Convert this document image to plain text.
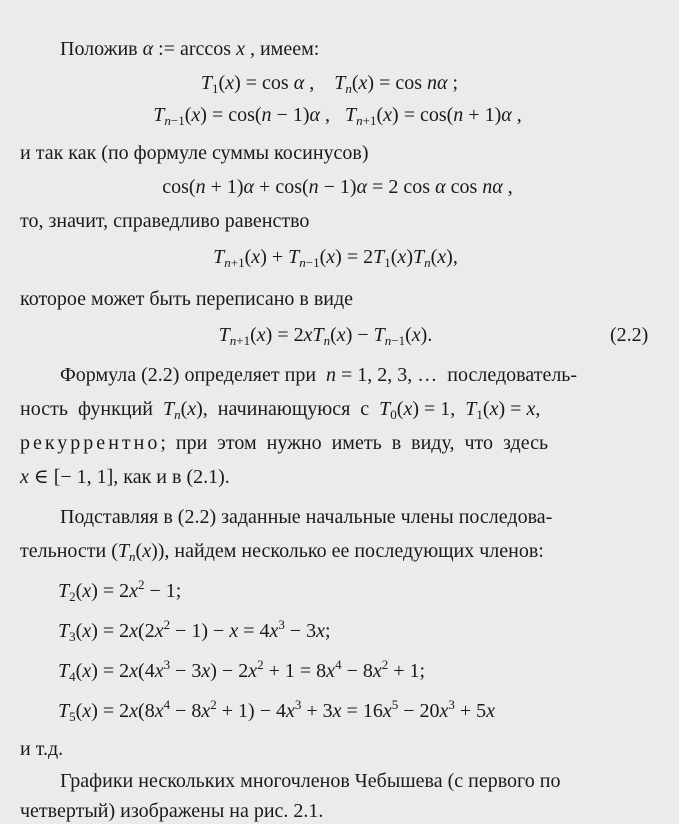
Положив α := arccos x , имеем:
$T_1(x) = \cos \alpha$ ,    $T_n(x) = \cos n\alpha$ ;
$T_{n-1}(x) = \cos(n - 1)\alpha$ ,   $T_{n+1}(x) = \cos(n + 1)\alpha$ ,
и так как (по формуле суммы косинусов)
cos(n + 1)α + cos(n − 1)α = 2 cos α cos nα ,
то, значит, справедливо равенство
$T_{n+1}(x) + T_{n-1}(x) = 2T_1(x)T_n(x)$,
которое может быть переписано в виде
$T_{n+1}(x) = 2xT_n(x) - T_{n-1}(x)$.	(2.2)
Формула (2.2) определяет при  n = 1, 2, 3, …  последователь-
ность  функций  $T_n(x)$,  начинающуюся  с  $T_0(x) = 1$,  $T_1(x) = x$,
рекуррентно;  при  этом  нужно  иметь  в  виду,  что  здесь
x ∈ [− 1, 1], как и в (2.1).
Подставляя в (2.2) заданные начальные члены последова-
тельности $(T_n(x))$, найдем несколько ее последующих членов:
$T_2(x) = 2x^2 - 1$;
$T_3(x) = 2x(2x^2 - 1) - x = 4x^3 - 3x$;
$T_4(x) = 2x(4x^3 - 3x) - 2x^2 + 1 = 8x^4 - 8x^2 + 1$;
$T_5(x) = 2x(8x^4 - 8x^2 + 1) - 4x^3 + 3x = 16x^5 - 20x^3 + 5x$
и т.д.
Графики нескольких многочленов Чебышева (с первого по
четвертый) изображены на рис. 2.1.
